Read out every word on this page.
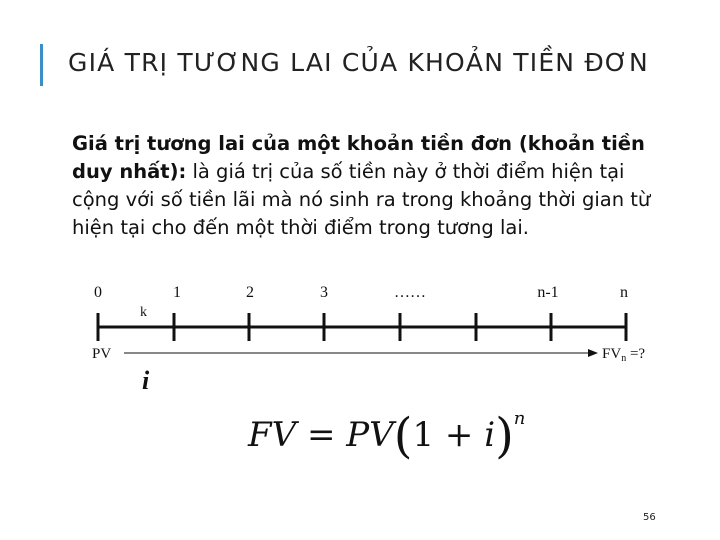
GIÁ TRỊ TƯƠNG LAI CỦA KHOẢN TIỀN ĐƠN
Giá trị tương lai của một khoản tiền đơn (khoản tiền duy nhất): là giá trị của số tiền này ở thời điểm hiện tại cộng với số tiền lãi mà nó sinh ra trong khoảng thời gian từ hiện tại cho đến một thời điểm trong tương lai.
0	1	2	3	……	n-1	n
k
PV	$FV_n$ =?
i
FV = $PV(1 + i)^n$
56
